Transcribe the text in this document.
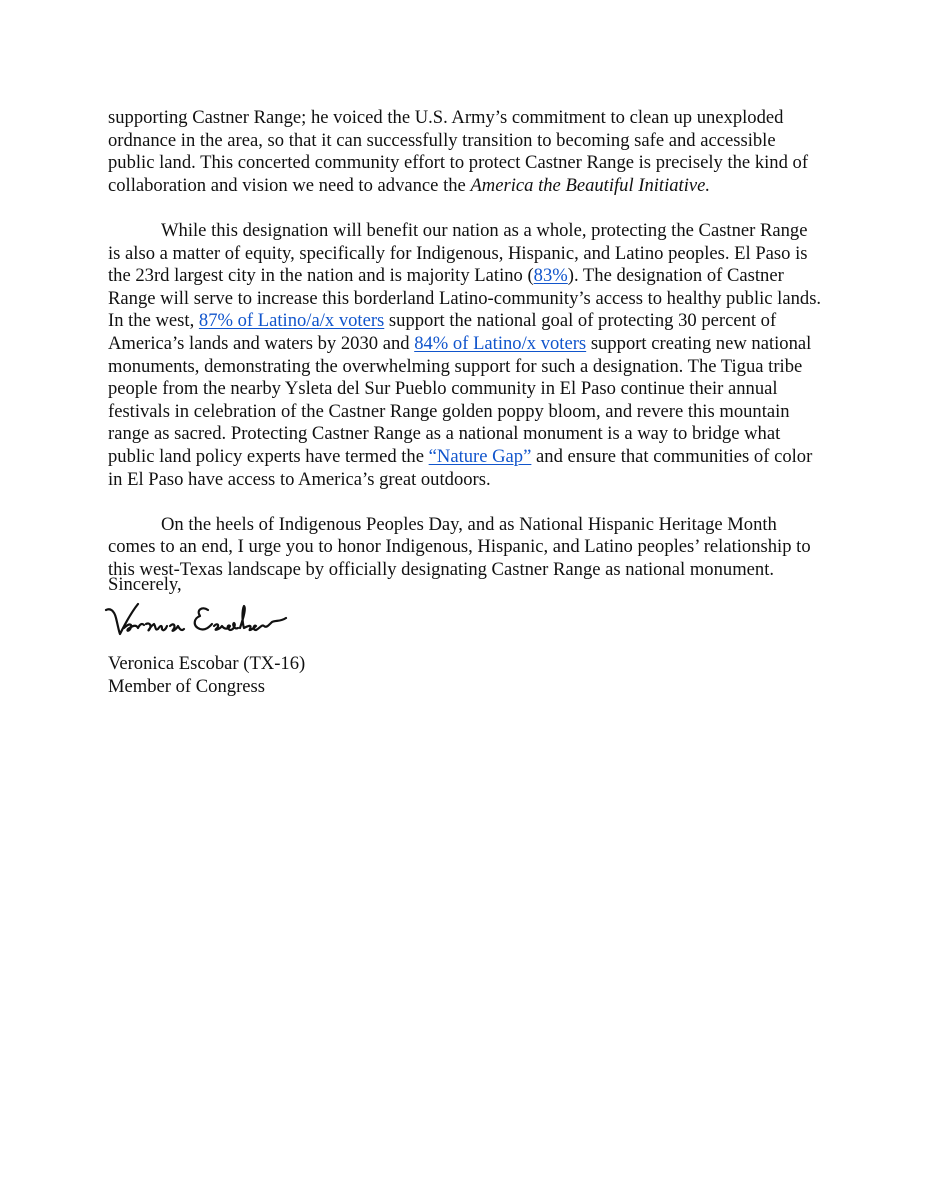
supporting Castner Range; he voiced the U.S. Army’s commitment to clean up unexploded ordnance in the area, so that it can successfully transition to becoming safe and accessible public land. This concerted community effort to protect Castner Range is precisely the kind of collaboration and vision we need to advance the America the Beautiful Initiative.

While this designation will benefit our nation as a whole, protecting the Castner Range is also a matter of equity, specifically for Indigenous, Hispanic, and Latino peoples. El Paso is the 23rd largest city in the nation and is majority Latino (83%). The designation of Castner Range will serve to increase this borderland Latino-community’s access to healthy public lands. In the west, 87% of Latino/a/x voters support the national goal of protecting 30 percent of America’s lands and waters by 2030 and 84% of Latino/x voters support creating new national monuments, demonstrating the overwhelming support for such a designation. The Tigua tribe people from the nearby Ysleta del Sur Pueblo community in El Paso continue their annual festivals in celebration of the Castner Range golden poppy bloom, and revere this mountain range as sacred. Protecting Castner Range as a national monument is a way to bridge what public land policy experts have termed the “Nature Gap” and ensure that communities of color in El Paso have access to America’s great outdoors.

On the heels of Indigenous Peoples Day, and as National Hispanic Heritage Month comes to an end, I urge you to honor Indigenous, Hispanic, and Latino peoples’ relationship to this west-Texas landscape by officially designating Castner Range as national monument.

Sincerely,
Veronica Escobar (TX-16)
Member of Congress
